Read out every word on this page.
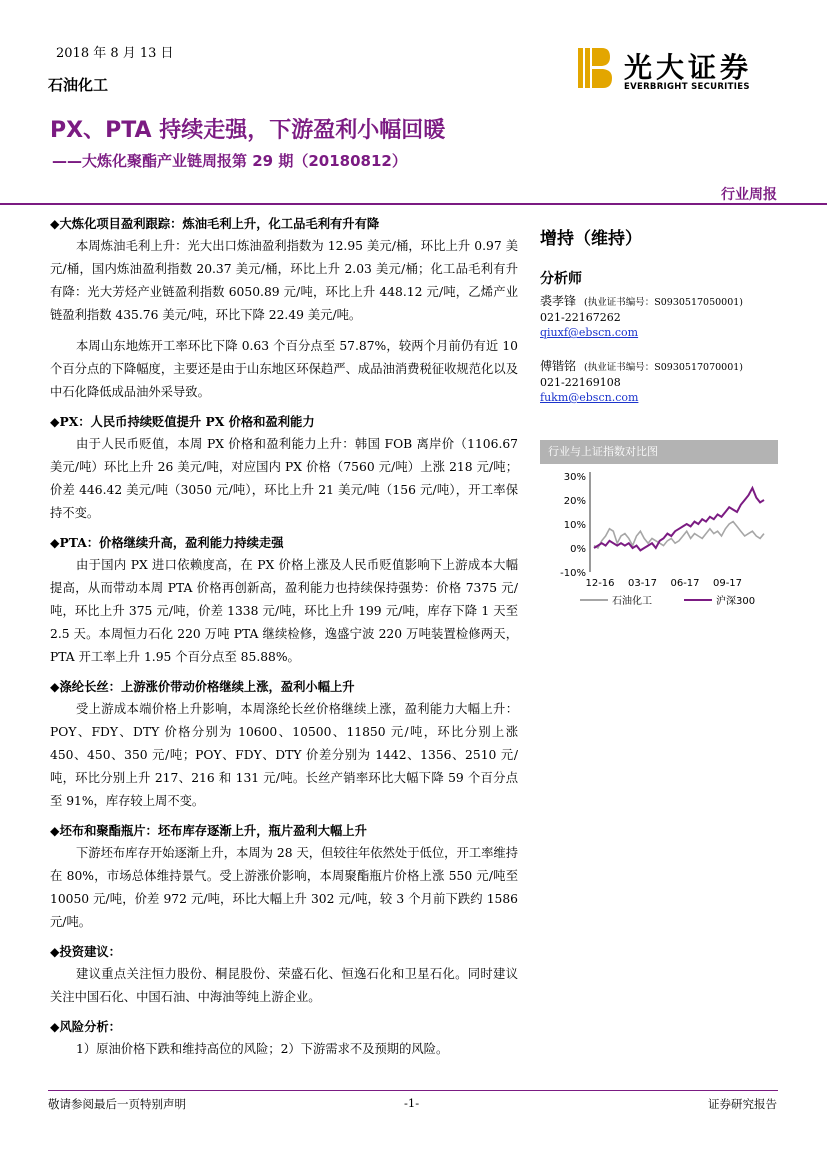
2018 年 8 月 13 日
石油化工
光大证券
EVERBRIGHT SECURITIES
PX、PTA 持续走强，下游盈利小幅回暖
——大炼化聚酯产业链周报第 29 期（20180812）
行业周报
◆大炼化项目盈利跟踪：炼油毛利上升，化工品毛利有升有降
本周炼油毛利上升：光大出口炼油盈利指数为 12.95 美元/桶，环比上升 0.97 美元/桶，国内炼油盈利指数 20.37 美元/桶，环比上升 2.03 美元/桶；化工品毛利有升有降：光大芳烃产业链盈利指数 6050.89 元/吨，环比上升 448.12 元/吨，乙烯产业链盈利指数 435.76 美元/吨，环比下降 22.49 美元/吨。
本周山东地炼开工率环比下降 0.63 个百分点至 57.87%，较两个月前仍有近 10 个百分点的下降幅度，主要还是由于山东地区环保趋严、成品油消费税征收规范化以及中石化降低成品油外采导致。
◆PX：人民币持续贬值提升 PX 价格和盈利能力
由于人民币贬值，本周 PX 价格和盈利能力上升：韩国 FOB 离岸价（1106.67 美元/吨）环比上升 26 美元/吨，对应国内 PX 价格（7560 元/吨）上涨 218 元/吨；价差 446.42 美元/吨（3050 元/吨），环比上升 21 美元/吨（156 元/吨），开工率保持不变。
◆PTA：价格继续升高，盈利能力持续走强
由于国内 PX 进口依赖度高，在 PX 价格上涨及人民币贬值影响下上游成本大幅提高，从而带动本周 PTA 价格再创新高，盈利能力也持续保持强势：价格 7375 元/吨，环比上升 375 元/吨，价差 1338 元/吨，环比上升 199 元/吨，库存下降 1 天至 2.5 天。本周恒力石化 220 万吨 PTA 继续检修，逸盛宁波 220 万吨装置检修两天，PTA 开工率上升 1.95 个百分点至 85.88%。
◆涤纶长丝：上游涨价带动价格继续上涨，盈利小幅上升
受上游成本端价格上升影响，本周涤纶长丝价格继续上涨，盈利能力大幅上升：POY、FDY、DTY 价格分别为 10600、10500、11850 元/吨，环比分别上涨 450、450、350 元/吨；POY、FDY、DTY 价差分别为 1442、1356、2510 元/吨，环比分别上升 217、216 和 131 元/吨。长丝产销率环比大幅下降 59 个百分点至 91%，库存较上周不变。
◆坯布和聚酯瓶片：坯布库存逐渐上升，瓶片盈利大幅上升
下游坯布库存开始逐渐上升，本周为 28 天，但较往年依然处于低位，开工率维持在 80%，市场总体维持景气。受上游涨价影响，本周聚酯瓶片价格上涨 550 元/吨至 10050 元/吨，价差 972 元/吨，环比大幅上升 302 元/吨，较 3 个月前下跌约 1586 元/吨。
◆投资建议：
建议重点关注恒力股份、桐昆股份、荣盛石化、恒逸石化和卫星石化。同时建议关注中国石化、中国石油、中海油等纯上游企业。
◆风险分析：
1）原油价格下跌和维持高位的风险；2）下游需求不及预期的风险。
增持（维持）
分析师
裘孝锋 (执业证书编号：S0930517050001)
021-22167262
qiuxf@ebscn.com
傅锴铭 (执业证书编号：S0930517070001)
021-22169108
fukm@ebscn.com
行业与上证指数对比图
30%
20%
10%
0%
-10%
12-16 03-17 06-17 09-17
石油化工	沪深300
敬请参阅最后一页特别声明	-1-	证券研究报告
